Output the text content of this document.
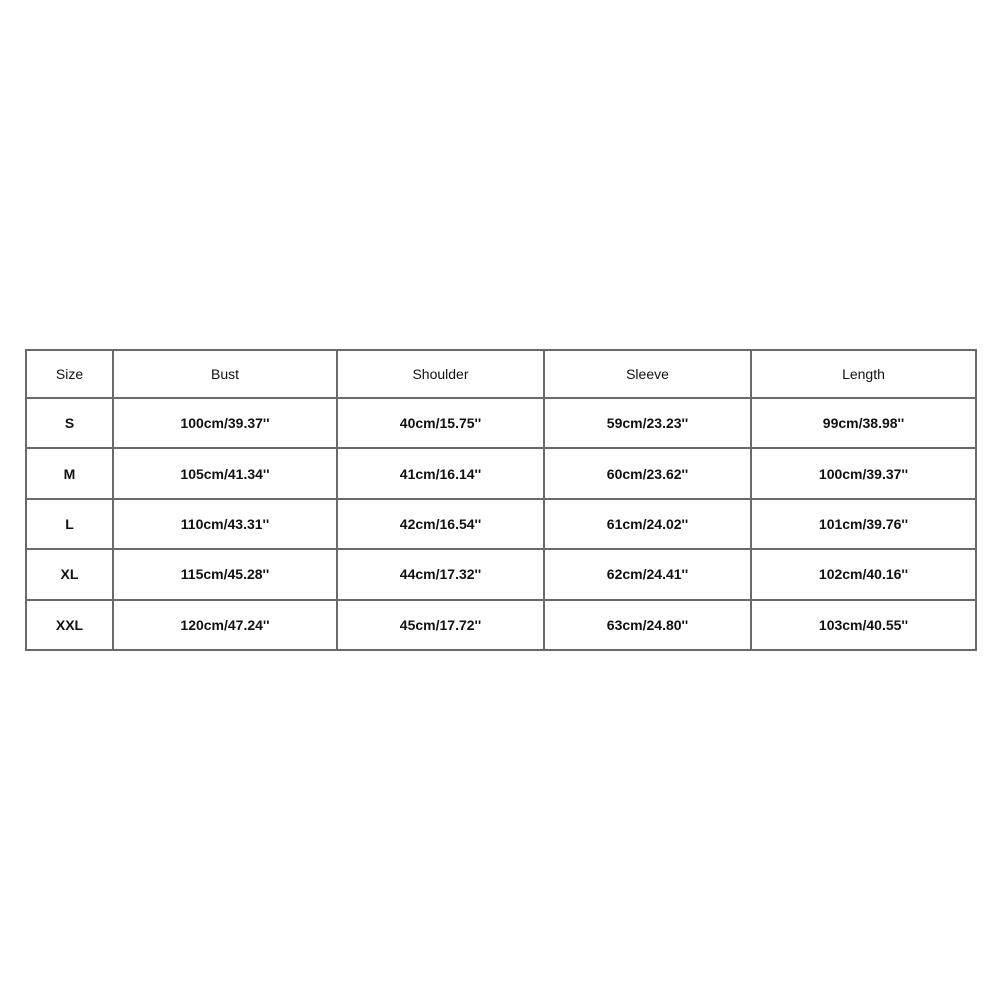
Size	Bust	Shoulder	Sleeve	Length
S	100cm/39.37''	40cm/15.75''	59cm/23.23''	99cm/38.98''
M	105cm/41.34''	41cm/16.14''	60cm/23.62''	100cm/39.37''
L	110cm/43.31''	42cm/16.54''	61cm/24.02''	101cm/39.76''
XL	115cm/45.28''	44cm/17.32''	62cm/24.41''	102cm/40.16''
XXL	120cm/47.24''	45cm/17.72''	63cm/24.80''	103cm/40.55''
